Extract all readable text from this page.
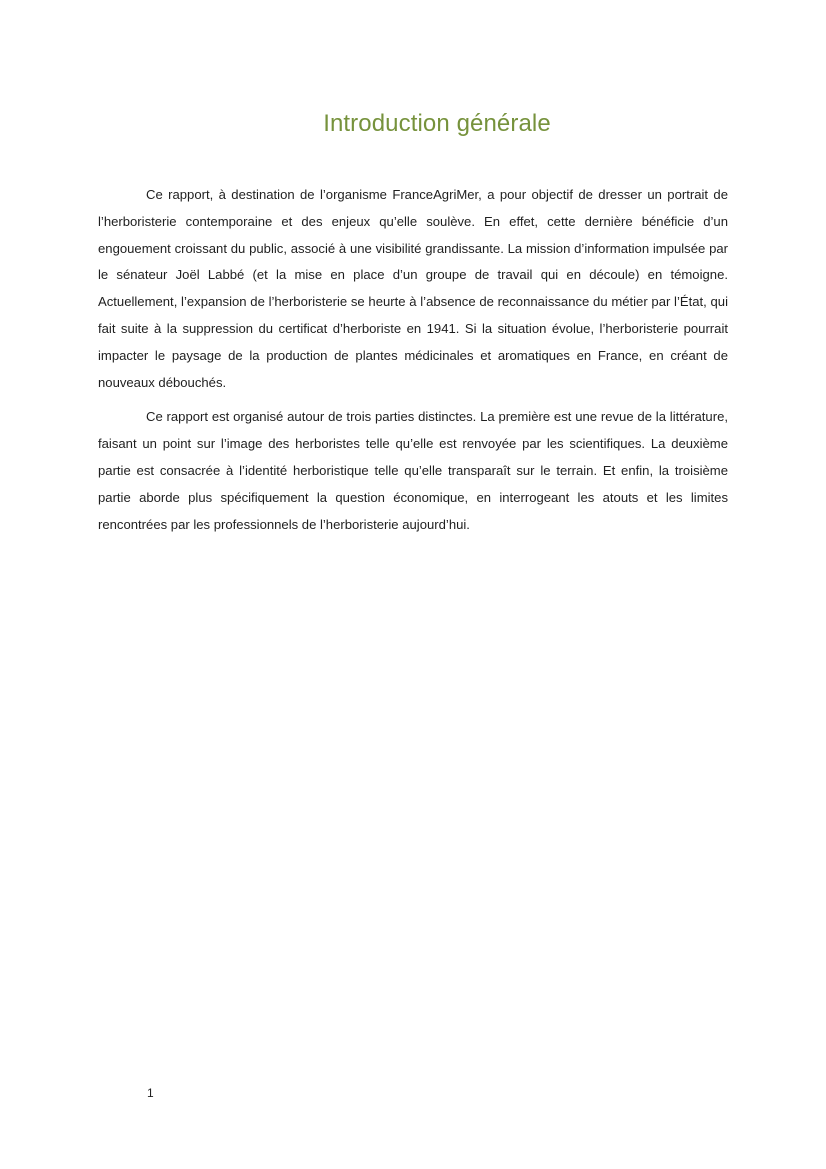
Introduction générale

Ce rapport, à destination de l’organisme FranceAgriMer, a pour objectif de dresser un portrait de l’herboristerie contemporaine et des enjeux qu’elle soulève. En effet, cette dernière bénéficie d’un engouement croissant du public, associé à une visibilité grandissante. La mission d’information impulsée par le sénateur Joël Labbé (et la mise en place d’un groupe de travail qui en découle) en témoigne. Actuellement, l’expansion de l’herboristerie se heurte à l’absence de reconnaissance du métier par l’État, qui fait suite à la suppression du certificat d’herboriste en 1941. Si la situation évolue, l’herboristerie pourrait impacter le paysage de la production de plantes médicinales et aromatiques en France, en créant de nouveaux débouchés.

Ce rapport est organisé autour de trois parties distinctes. La première est une revue de la littérature, faisant un point sur l’image des herboristes telle qu’elle est renvoyée par les scientifiques. La deuxième partie est consacrée à l’identité herboristique telle qu’elle transparaît sur le terrain. Et enfin, la troisième partie aborde plus spécifiquement la question économique, en interrogeant les atouts et les limites rencontrées par les professionnels de l’herboristerie aujourd’hui.

1
